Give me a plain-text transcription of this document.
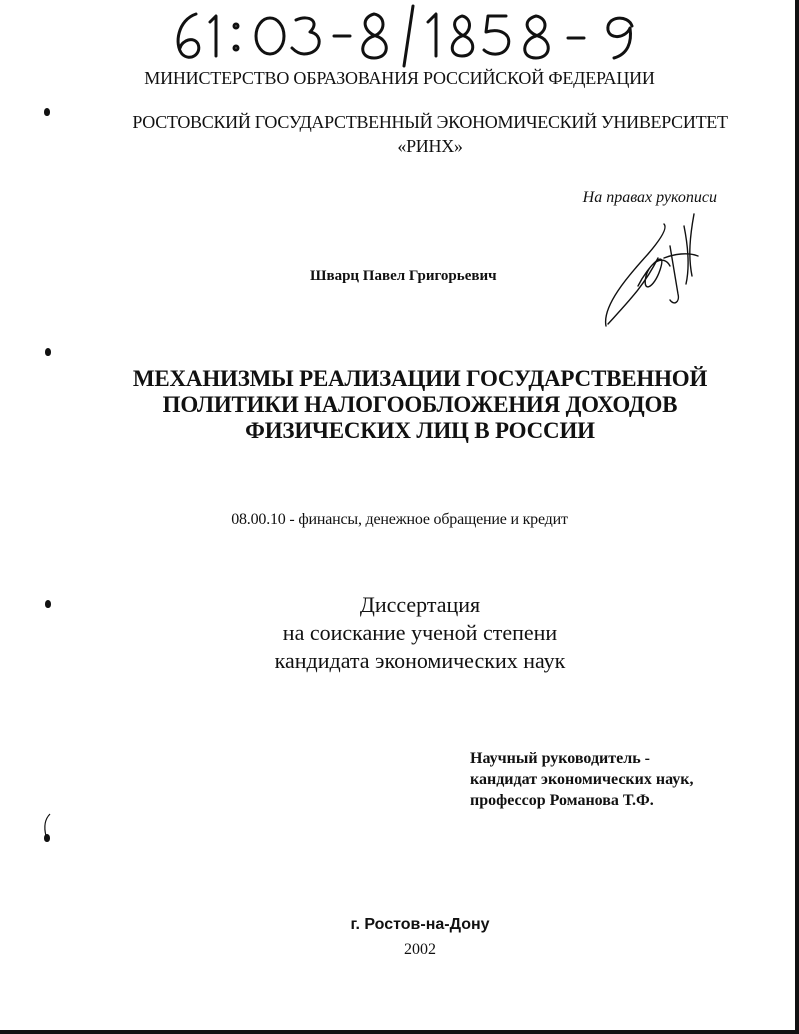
61:03-8/1858-9
МИНИСТЕРСТВО ОБРАЗОВАНИЯ РОССИЙСКОЙ ФЕДЕРАЦИИ
РОСТОВСКИЙ ГОСУДАРСТВЕННЫЙ ЭКОНОМИЧЕСКИЙ УНИВЕРСИТЕТ
«РИНХ»
На правах рукописи
Шварц Павел Григорьевич
МЕХАНИЗМЫ РЕАЛИЗАЦИИ ГОСУДАРСТВЕННОЙ
ПОЛИТИКИ НАЛОГООБЛОЖЕНИЯ ДОХОДОВ
ФИЗИЧЕСКИХ ЛИЦ В РОССИИ
08.00.10 - финансы, денежное обращение и кредит
Диссертация
на соискание ученой степени
кандидата экономических наук
Научный руководитель -
кандидат экономических наук,
профессор Романова Т.Ф.
г. Ростов-на-Дону
2002
